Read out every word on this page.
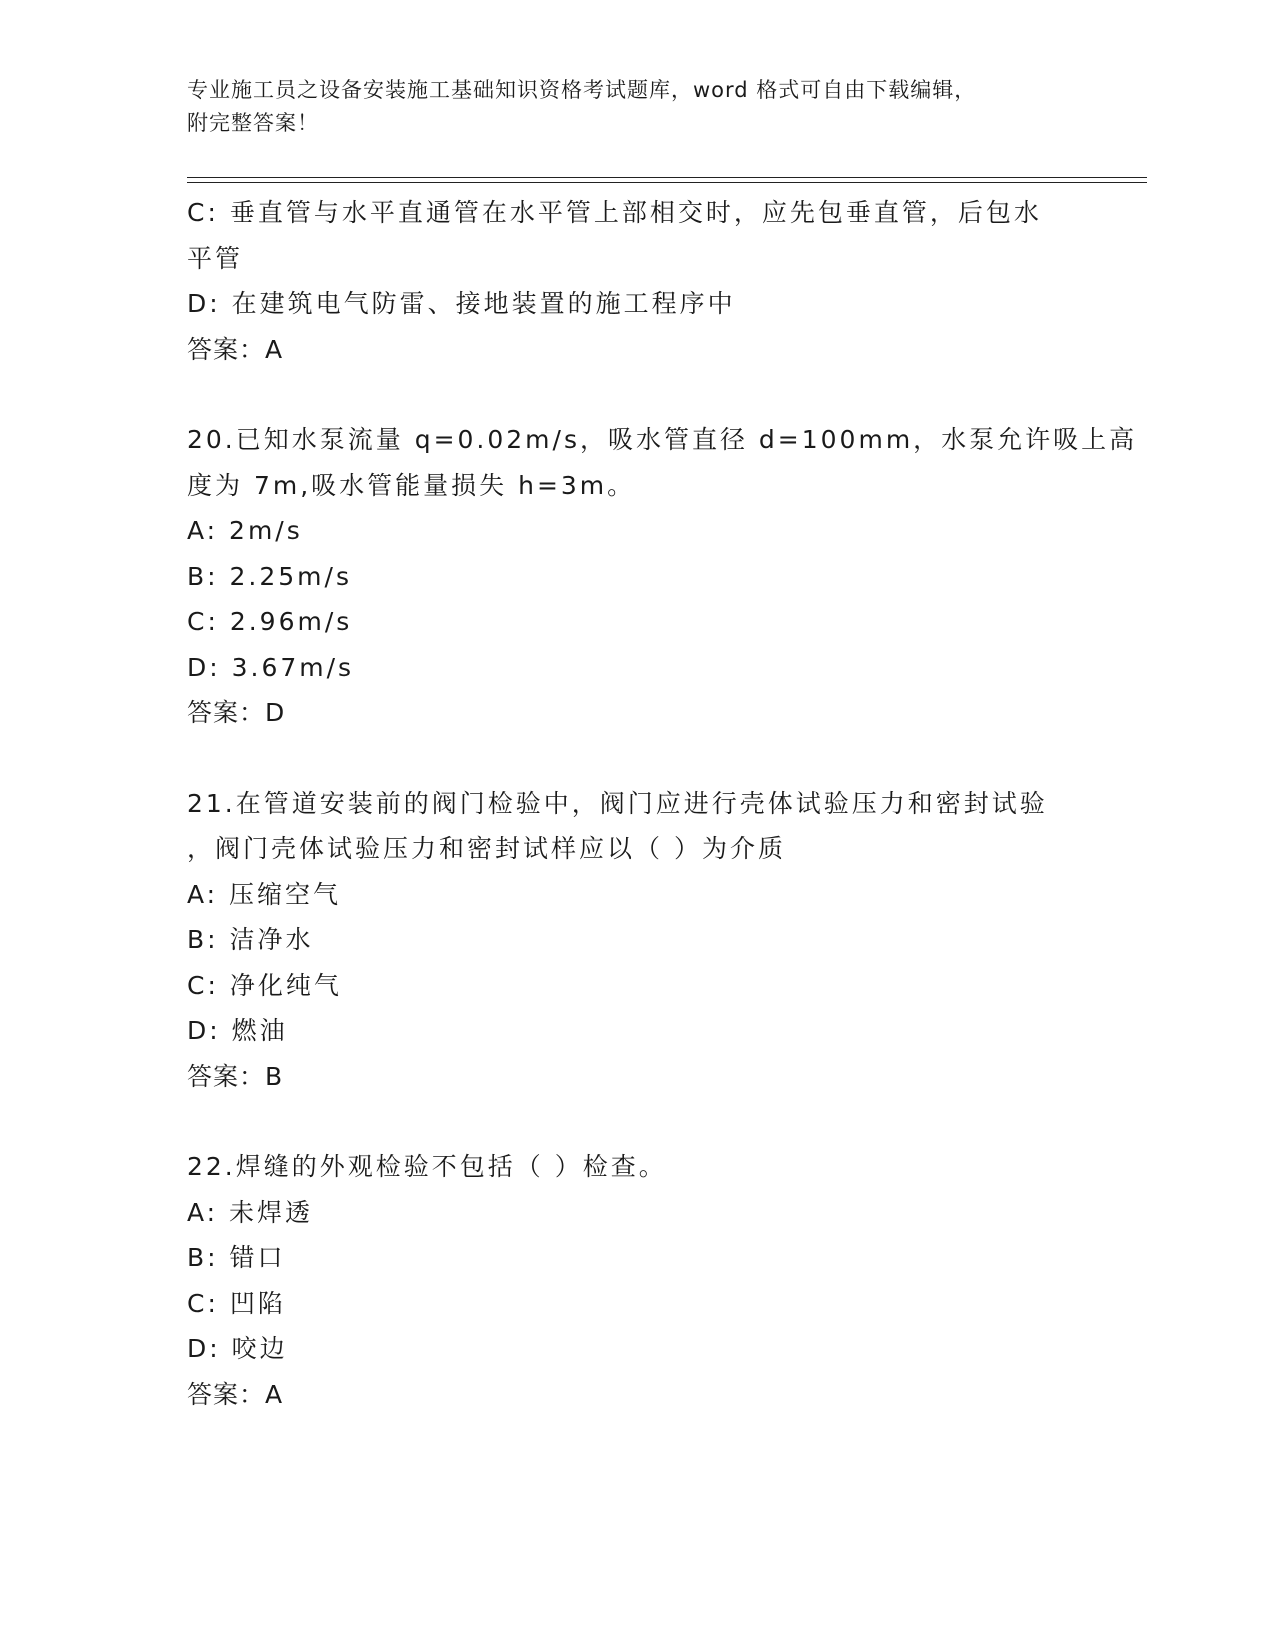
专业施工员之设备安装施工基础知识资格考试题库，word 格式可自由下载编辑，
附完整答案！
C: 垂直管与水平直通管在水平管上部相交时，应先包垂直管，后包水
平管
D: 在建筑电气防雷、接地装置的施工程序中
答案：A
20.已知水泵流量 q=0.02m/s，吸水管直径 d=100mm，水泵允许吸上高
度为 7m,吸水管能量损失 h=3m。
A: 2m/s
B: 2.25m/s
C: 2.96m/s
D: 3.67m/s
答案：D
21.在管道安装前的阀门检验中，阀门应进行壳体试验压力和密封试验
，阀门壳体试验压力和密封试样应以（ ）为介质
A: 压缩空气
B: 洁净水
C: 净化纯气
D: 燃油
答案：B
22.焊缝的外观检验不包括（ ）检查。
A: 未焊透
B: 错口
C: 凹陷
D: 咬边
答案：A
